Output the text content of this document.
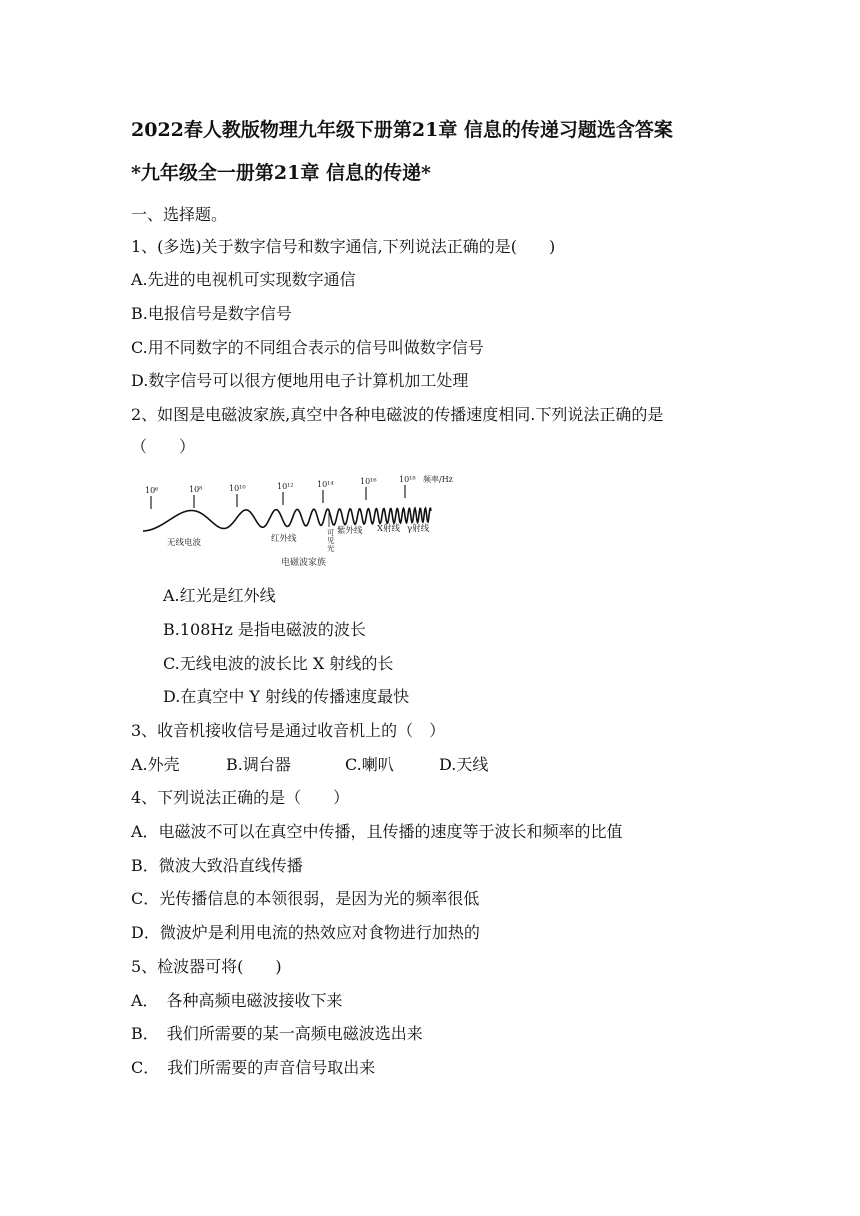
2022春人教版物理九年级下册第21章 信息的传递习题选含答案
*九年级全一册第21章 信息的传递*
一、选择题。
1、(多选)关于数字信号和数字通信,下列说法正确的是(　　)
A.先进的电视机可实现数字通信
B.电报信号是数字信号
C.用不同数字的不同组合表示的信号叫做数字信号
D.数字信号可以很方便地用电子计算机加工处理
2、如图是电磁波家族,真空中各种电磁波的传播速度相同.下列说法正确的是
（　　）
10⁶	10⁸	10¹⁰	10¹²	10¹⁴	10¹⁶	10¹⁸ 频率/Hz
无线电波	红外线
紫外线 X射线 γ射线
电磁波家族
可见光
A.红光是红外线
B.108Hz 是指电磁波的波长
C.无线电波的波长比 X 射线的长
D.在真空中 Y 射线的传播速度最快
3、收音机接收信号是通过收音机上的（　）
A.外壳	B.调台器	C.喇叭	D.天线
4、下列说法正确的是（　　）
A．电磁波不可以在真空中传播，且传播的速度等于波长和频率的比值
B．微波大致沿直线传播
C．光传播信息的本领很弱，是因为光的频率很低
D．微波炉是利用电流的热效应对食物进行加热的
5、检波器可将(　　)
A．　各种高频电磁波接收下来
B．　我们所需要的某一高频电磁波选出来
C．　我们所需要的声音信号取出来
